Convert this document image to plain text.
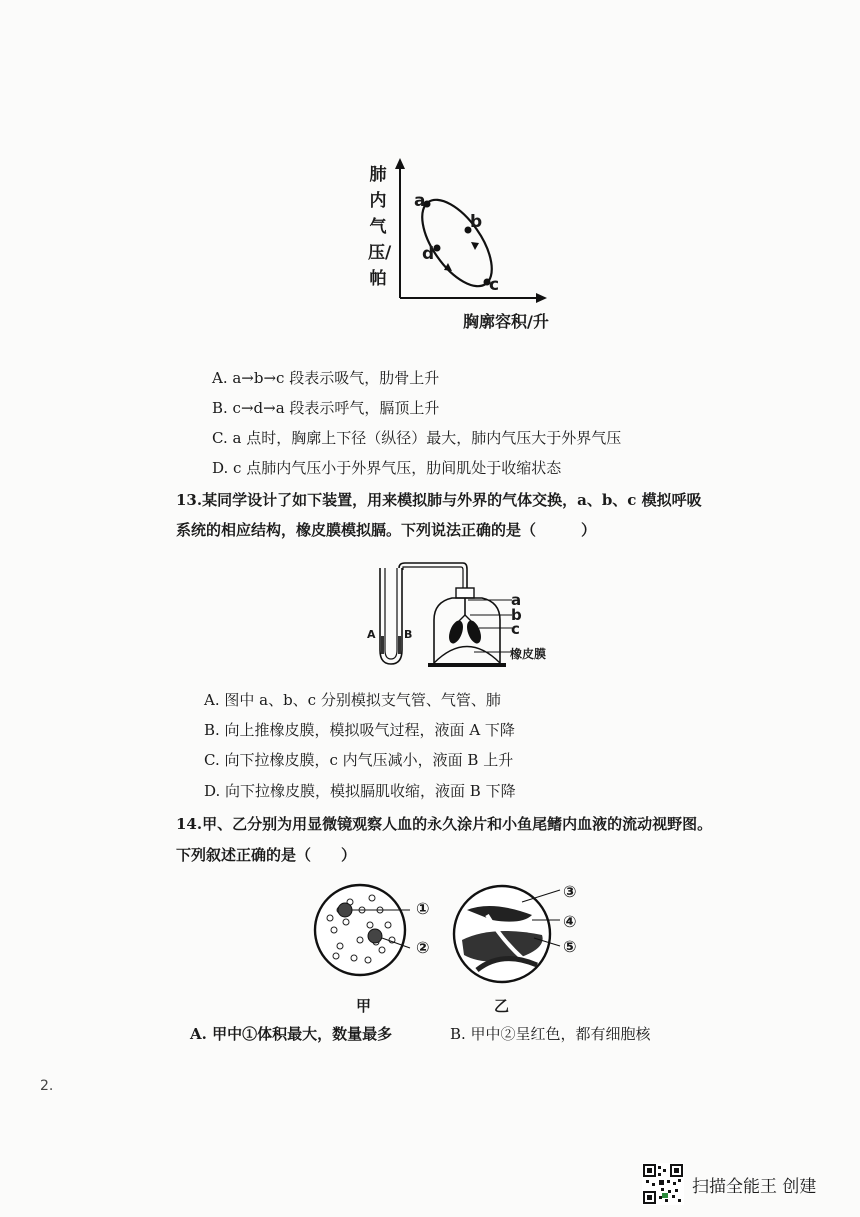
肺内气压/帕
a
b
c
d
胸廓容积/升
A. a→b→c 段表示吸气，肋骨上升
B. c→d→a 段表示呼气，膈顶上升
C. a 点时，胸廓上下径（纵径）最大，肺内气压大于外界气压
D. c 点肺内气压小于外界气压，肋间肌处于收缩状态
13.某同学设计了如下装置，用来模拟肺与外界的气体交换，a、b、c 模拟呼吸
系统的相应结构，橡皮膜模拟膈。下列说法正确的是（　　　）
a
b
c
橡皮膜
A	B
A. 图中 a、b、c 分别模拟支气管、气管、肺
B. 向上推橡皮膜，模拟吸气过程，液面 A 下降
C. 向下拉橡皮膜，c 内气压减小，液面 B 上升
D. 向下拉橡皮膜，模拟膈肌收缩，液面 B 下降
14.甲、乙分别为用显微镜观察人血的永久涂片和小鱼尾鳍内血液的流动视野图。
下列叙述正确的是（　　）
①
②
甲
③
④
⑤
乙
A. 甲中①体积最大，数量最多	B. 甲中②呈红色，都有细胞核
2.
扫描全能王 创建
